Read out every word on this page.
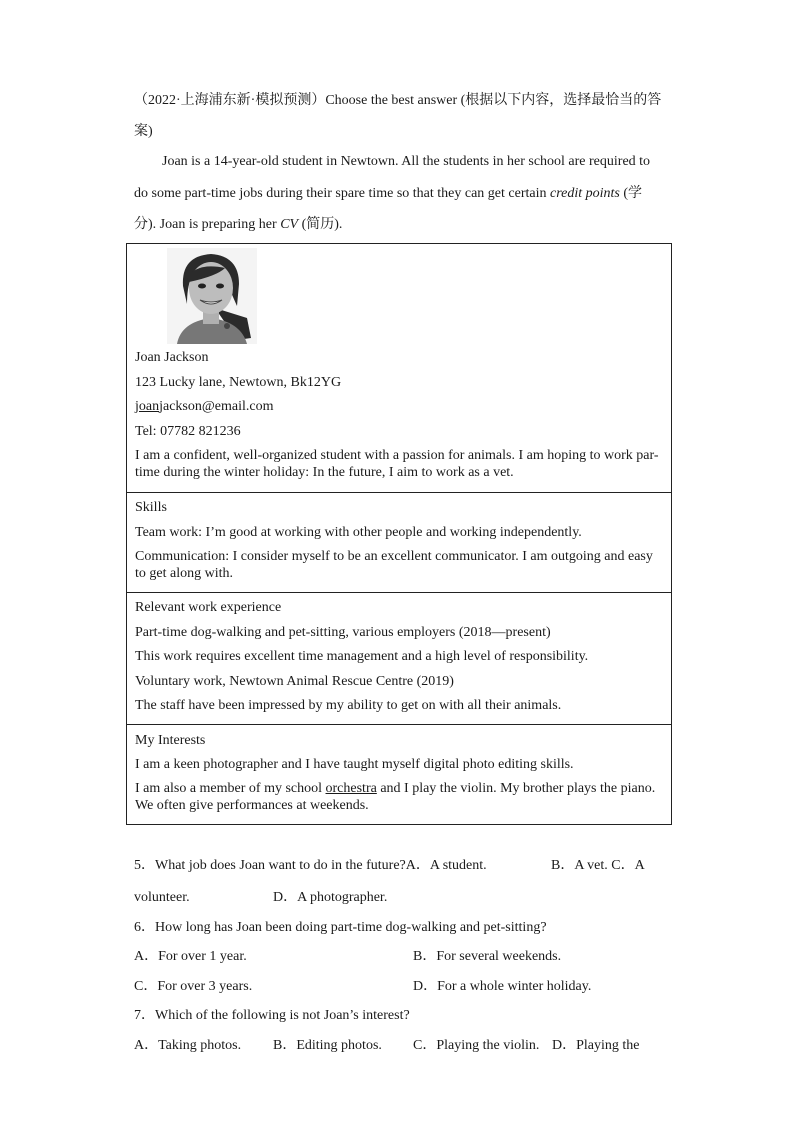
（2022·上海浦东新·模拟预测）Choose the best answer (根据以下内容，选择最恰当的答
案)
Joan is a 14-year-old student in Newtown. All the students in her school are required to
do some part-time jobs during their spare time so that they can get certain credit points (学
分). Joan is preparing her CV (简历).

Joan Jackson

123 Lucky lane, Newtown, Bk12YG

joanjackson@email.com

Tel: 07782 821236

I am a confident, well-organized student with a passion for animals. I am hoping to work par-

time during the winter holiday: In the future, I aim to work as a vet.

Skills

Team work: I’m good at working with other people and working independently.

Communication: I consider myself to be an excellent communicator. I am outgoing and easy

to get along with.

Relevant work experience

Part-time dog-walking and pet-sitting, various employers (2018—present)

This work requires excellent time management and a high level of responsibility.

Voluntary work, Newtown Animal Rescue Centre (2019)

The staff have been impressed by my ability to get on with all their animals.

My Interests

I am a keen photographer and I have taught myself digital photo editing skills.

I am also a member of my school orchestra and I play the violin. My brother plays the piano.

We often give performances at weekends.

5．What job does Joan want to do in the future?A．A student.	B．A vet. C．A
volunteer.	D．A photographer.
6．How long has Joan been doing part-time dog-walking and pet-sitting?
A．For over 1 year.	B．For several weekends.
C．For over 3 years.	D．For a whole winter holiday.
7．Which of the following is not Joan’s interest?
A．Taking photos. B．Editing photos. C．Playing the violin. D．Playing the
